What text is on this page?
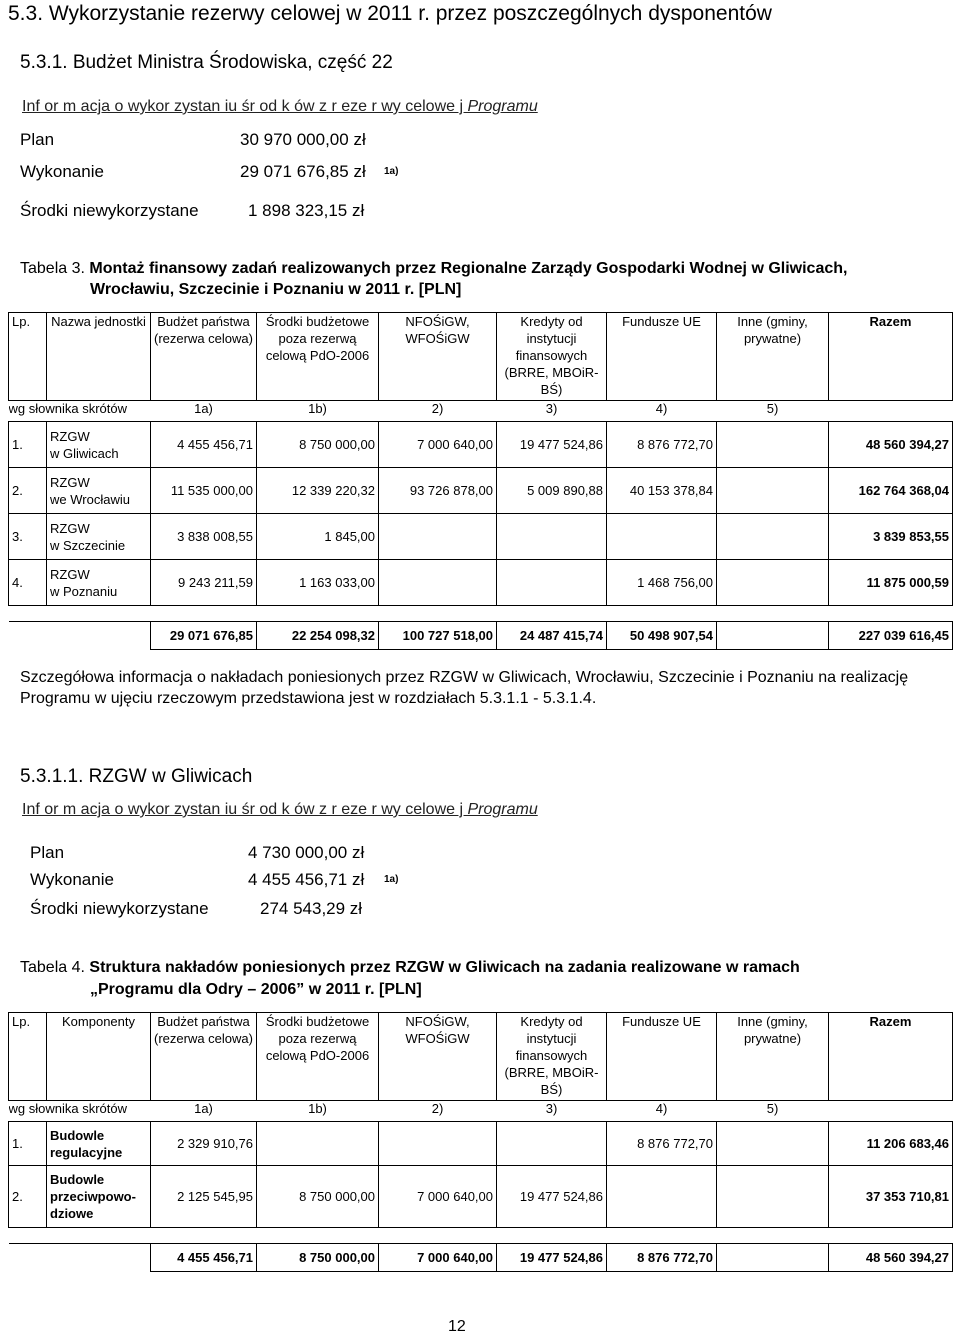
5.3. Wykorzystanie rezerwy celowej w 2011 r. przez poszczególnych dysponentów
5.3.1. Budżet Ministra Środowiska, część 22
Inf or m acja o wykor zystan iu śr od k ów z r eze r wy celowe j Programu
Plan	30 970 000,00 zł
Wykonanie	29 071 676,85 zł 1a)
Środki niewykorzystane	1 898 323,15 zł
Tabela 3. Montaż finansowy zadań realizowanych przez Regionalne Zarządy Gospodarki Wodnej w Gliwicach,
Wrocławiu, Szczecinie i Poznaniu w 2011 r. [PLN]
Lp.	Nazwa jednostki	Budżet państwa (rezerwa celowa)	Środki budżetowe poza rezerwą celową PdO-2006	NFOŚiGW, WFOŚiGW	Kredyty od instytucji finansowych (BRRE, MBOiR-BŚ)	Fundusze UE	Inne (gminy, prywatne)	Razem
wg słownika skrótów		1a)	1b)	2)	3)	4)	5)	
1.	RZGW
w Gliwicach	4 455 456,71	8 750 000,00	7 000 640,00	19 477 524,86	8 876 772,70		48 560 394,27
2.	RZGW
we Wrocławiu	11 535 000,00	12 339 220,32	93 726 878,00	5 009 890,88	40 153 378,84		162 764 368,04
3.	RZGW
w Szczecinie	3 838 008,55	1 845,00					3 839 853,55
4.	RZGW
w Poznaniu	9 243 211,59	1 163 033,00			1 468 756,00		11 875 000,59

		29 071 676,85	22 254 098,32	100 727 518,00	24 487 415,74	50 498 907,54		227 039 616,45
Szczegółowa informacja o nakładach poniesionych przez RZGW w Gliwicach, Wrocławiu, Szczecinie i Poznaniu na realizację
Programu w ujęciu rzeczowym przedstawiona jest w rozdziałach 5.3.1.1 - 5.3.1.4.
5.3.1.1. RZGW w Gliwicach
Inf or m acja o wykor zystan iu śr od k ów z r eze r wy celowe j Programu
Plan	4 730 000,00 zł
Wykonanie	4 455 456,71 zł 1a)
Środki niewykorzystane	274 543,29 zł
Tabela 4. Struktura nakładów poniesionych przez RZGW w Gliwicach na zadania realizowane w ramach
„Programu dla Odry – 2006” w 2011 r. [PLN]
Lp.	Komponenty	Budżet państwa (rezerwa celowa)	Środki budżetowe poza rezerwą celową PdO-2006	NFOŚiGW, WFOŚiGW	Kredyty od instytucji finansowych (BRRE, MBOiR-BŚ)	Fundusze UE	Inne (gminy, prywatne)	Razem
wg słownika skrótów		1a)	1b)	2)	3)	4)	5)	
1.	Budowle
regulacyjne	2 329 910,76				8 876 772,70		11 206 683,46
2.	Budowle
przeciwpowo-
dziowe	2 125 545,95	8 750 000,00	7 000 640,00	19 477 524,86			37 353 710,81

		4 455 456,71	8 750 000,00	7 000 640,00	19 477 524,86	8 876 772,70		48 560 394,27
12
